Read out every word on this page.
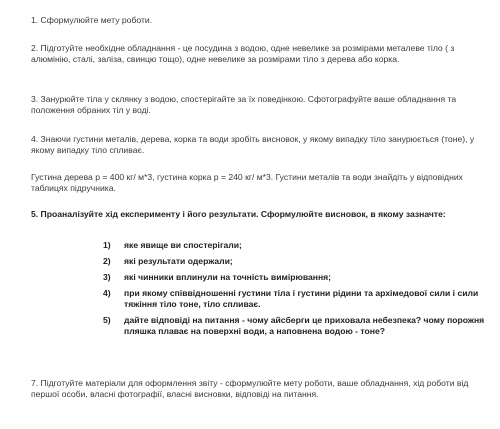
1. Сформулюйте мету роботи.

2. Підготуйте необхідне обладнання - це посудина з водою, одне невелике за розмірами металеве тіло ( з алюмінію, сталі, заліза, свинцю тощо), одне невелике за розмірами тіло з дерева або корка.

3. Занурюйте тіла у склянку з водою, спостерігайте за їх поведінкою. Сфотографуйте ваше обладнання та положення обраних тіл у воді.

4. Знаючи густини металів, дерева, корка та води зробіть висновок, у якому випадку тіло занурюється (тоне), у якому випадку тіло спливає.

Густина дерева р = 400 кг/ м*3, густина корка р = 240 кг/ м*3. Густини металів та води знайдіть у відповідних таблицях підручника.

5. Проаналізуйте хід експерименту і його результати. Сформулюйте висновок, в якому зазначте:

1) яке явище ви спостерігали;
2) які результати одержали;
3) які чинники вплинули на точність вимірювання;
4) при якому співвідношенні густини тіла і густини рідини та архімедової сили і сили тяжіння тіло тоне, тіло спливає.
5) дайте відповіді на питання - чому айсберги це приховала небезпека? чому порожня пляшка плаває на поверхні води, а наповнена водою - тоне?

7. Підготуйте матеріали для оформлення звіту - сформулюйте мету роботи, ваше обладнання, хід роботи від першої особи, власні фотографії, власні висновки, відповіді на питання.
